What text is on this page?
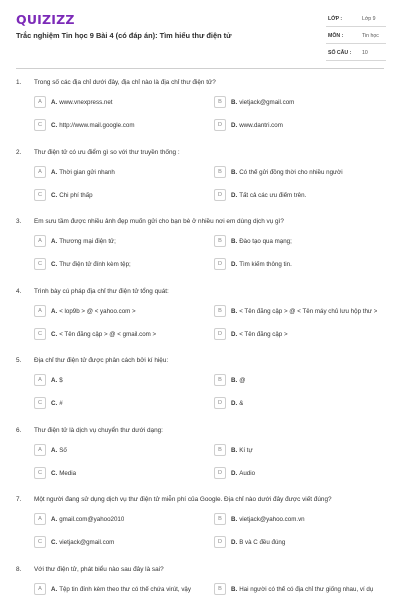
QUIZIZZ
Trắc nghiệm Tin học 9 Bài 4 (có đáp án): Tìm hiểu thư điện tử
LỚP :	Lớp 9
MÔN :	Tin học
SỐ CÂU : 10
1. Trong số các địa chỉ dưới đây, địa chỉ nào là địa chỉ thư điện tử?
A	A. www.vnexpress.net	B	B. vietjack@gmail.com
C	C. http://www.mail.google.com	D	D. www.dantri.com
2. Thư điện tử có ưu điểm gì so với thư truyền thống :
A	A. Thời gian gửi nhanh	B	B. Có thể gửi đồng thời cho nhiều người
C	C. Chi phí thấp	D	D. Tất cả các ưu điểm trên.
3. Em sưu tầm được nhiều ảnh đẹp muốn gửi cho bạn bè ở nhiều nơi em dùng dịch vụ gì?
A	A. Thương mại điện tử;	B	B. Đào tạo qua mạng;
C	C. Thư điện tử đính kèm tệp;	D	D. Tìm kiếm thông tin.
4. Trình bày cú pháp địa chỉ thư điện tử tổng quát:
A	A. < lop9b > @ < yahoo.com >	B	B. < Tên đăng cập > @ < Tên máy chủ lưu hộp thư >
C	C. < Tên đăng cập > @ < gmail.com >	D	D. < Tên đăng cập >
5. Địa chỉ thư điện tử được phân cách bởi kí hiệu:
A	A. $	B	B. @
C	C. #	D	D. &
6. Thư điện tử là dịch vụ chuyển thư dưới dạng:
A	A. Số	B	B. Kí tự
C	C. Media	D	D. Audio
7. Một người đang sử dụng dịch vụ thư điện tử miễn phí của Google. Địa chỉ nào dưới đây được viết đúng?
A	A. gmail.com@yahoo2010	B	B. vietjack@yahoo.com.vn
C	C. vietjack@gmail.com	D	D. B và C đều đúng
8. Với thư điện tử, phát biểu nào sau đây là sai?
A	A. Tệp tin đính kèm theo thư có thể chứa virút, vậy	B	B. Hai người có thể có địa chỉ thư giống nhau, ví dụ
